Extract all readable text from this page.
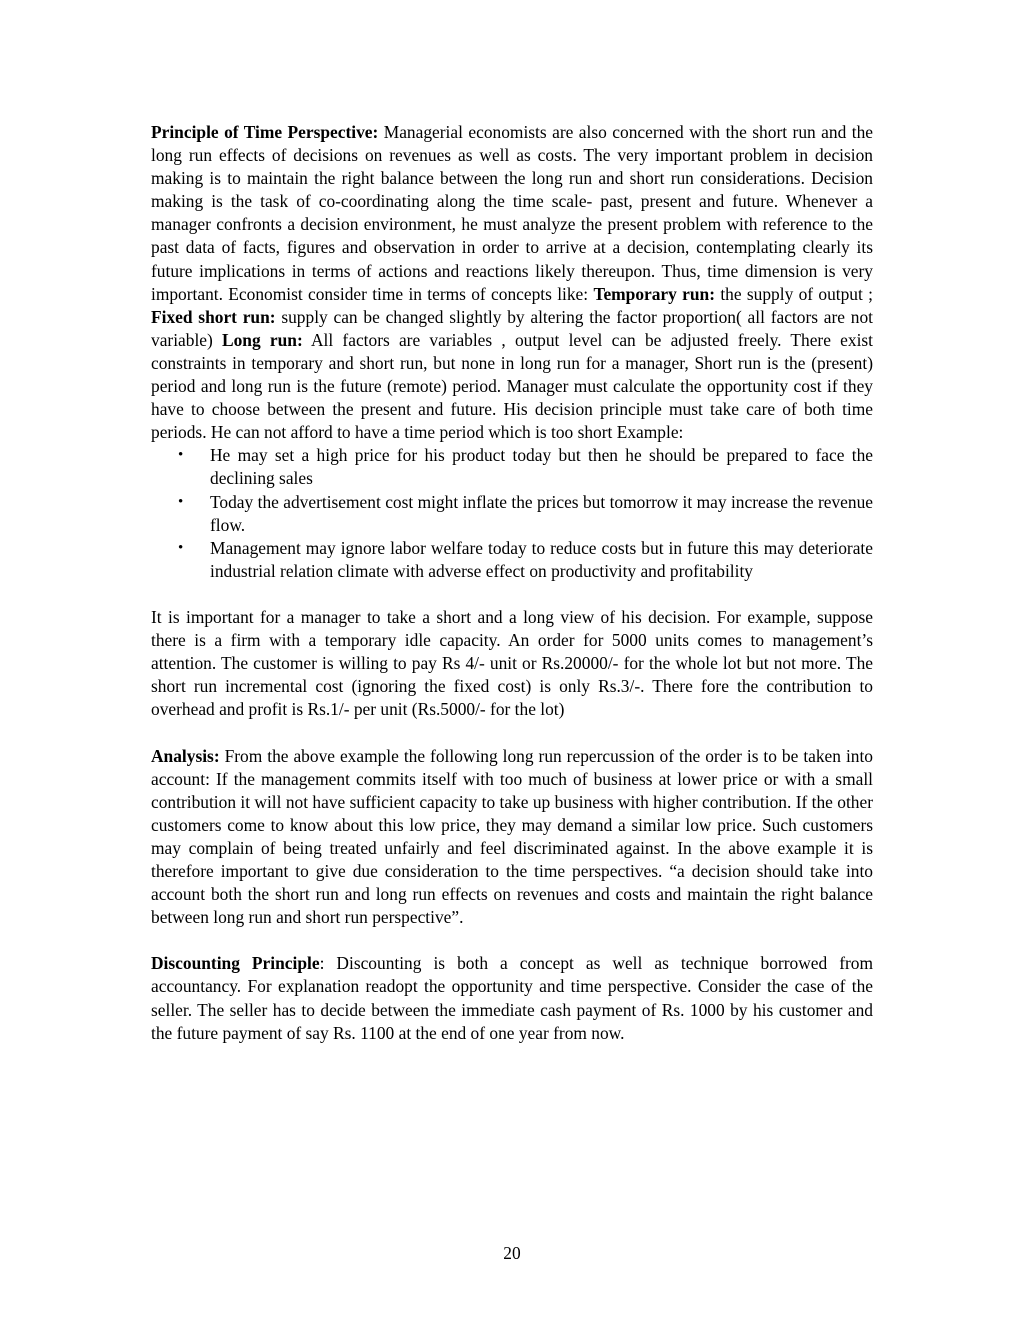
Principle of Time Perspective: Managerial economists are also concerned with the short run and the long run effects of decisions on revenues as well as costs. The very important problem in decision making is to maintain the right balance between the long run and short run considerations. Decision making is the task of co-coordinating along the time scale- past, present and future. Whenever a manager confronts a decision environment, he must analyze the present problem with reference to the past data of facts, figures and observation in order to arrive at a decision, contemplating clearly its future implications in terms of actions and reactions likely thereupon. Thus, time dimension is very important. Economist consider time in terms of concepts like: Temporary run: the supply of output ; Fixed short run: supply can be changed slightly by altering the factor proportion( all factors are not variable) Long run: All factors are variables , output level can be adjusted freely. There exist constraints in temporary and short run, but none in long run for a manager, Short run is the (present) period and long run is the future (remote) period. Manager must calculate the opportunity cost if they have to choose between the present and future. His decision principle must take care of both time periods. He can not afford to have a time period which is too short Example:

• He may set a high price for his product today but then he should be prepared to face the declining sales
• Today the advertisement cost might inflate the prices but tomorrow it may increase the revenue flow.
• Management may ignore labor welfare today to reduce costs but in future this may deteriorate industrial relation climate with adverse effect on productivity and profitability

It is important for a manager to take a short and a long view of his decision. For example, suppose there is a firm with a temporary idle capacity. An order for 5000 units comes to management’s attention. The customer is willing to pay Rs 4/- unit or Rs.20000/- for the whole lot but not more. The short run incremental cost (ignoring the fixed cost) is only Rs.3/-. There fore the contribution to overhead and profit is Rs.1/- per unit (Rs.5000/- for the lot)

Analysis: From the above example the following long run repercussion of the order is to be taken into account: If the management commits itself with too much of business at lower price or with a small contribution it will not have sufficient capacity to take up business with higher contribution. If the other customers come to know about this low price, they may demand a similar low price. Such customers may complain of being treated unfairly and feel discriminated against. In the above example it is therefore important to give due consideration to the time perspectives. “a decision should take into account both the short run and long run effects on revenues and costs and maintain the right balance between long run and short run perspective”.

Discounting Principle: Discounting is both a concept as well as technique borrowed from accountancy. For explanation readopt the opportunity and time perspective. Consider the case of the seller. The seller has to decide between the immediate cash payment of Rs. 1000 by his customer and the future payment of say Rs. 1100 at the end of one year from now.

20
